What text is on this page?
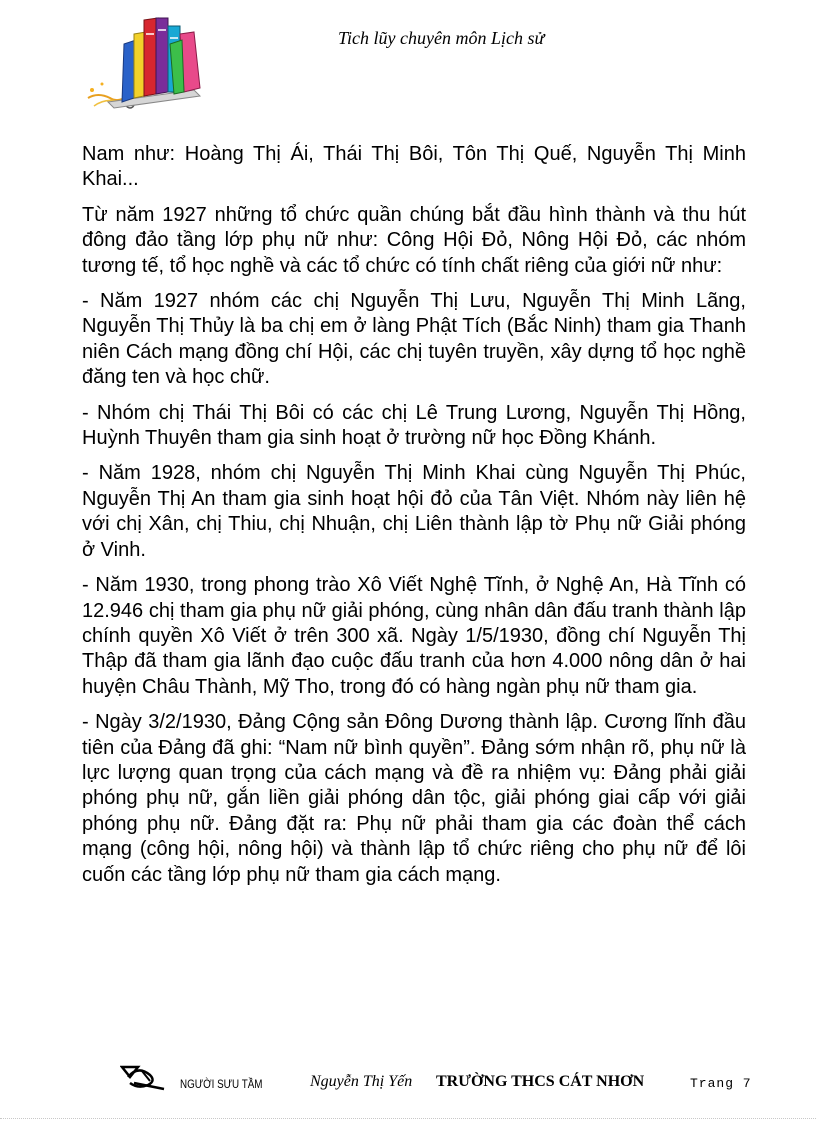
Tich lũy chuyên môn Lịch sử

Nam như: Hoàng Thị Ái, Thái Thị Bôi, Tôn Thị Quế, Nguyễn Thị Minh Khai...

Từ năm 1927 những tổ chức quần chúng bắt đầu hình thành và thu hút đông đảo tầng lớp phụ nữ như: Công Hội Đỏ, Nông Hội Đỏ, các nhóm tương tế, tổ học nghề và các tổ chức có tính chất riêng của giới nữ như:

- Năm 1927 nhóm các chị Nguyễn Thị Lưu, Nguyễn Thị Minh Lãng, Nguyễn Thị Thủy là ba chị em ở làng Phật Tích (Bắc Ninh) tham gia Thanh niên Cách mạng đồng chí Hội, các chị tuyên truyền, xây dựng tổ học nghề đăng ten và học chữ.

- Nhóm chị Thái Thị Bôi có các chị Lê Trung Lương, Nguyễn Thị Hồng, Huỳnh Thuyên tham gia sinh hoạt ở trường nữ học Đồng Khánh.

- Năm 1928, nhóm chị Nguyễn Thị Minh Khai cùng Nguyễn Thị Phúc, Nguyễn Thị An tham gia sinh hoạt hội đỏ của Tân Việt. Nhóm này liên hệ với chị Xân, chị Thiu, chị Nhuận, chị Liên thành lập tờ Phụ nữ Giải phóng ở Vinh.

- Năm 1930, trong phong trào Xô Viết Nghệ Tĩnh, ở Nghệ An, Hà Tĩnh có 12.946 chị tham gia phụ nữ giải phóng, cùng nhân dân đấu tranh thành lập chính quyền Xô Viết ở trên 300 xã. Ngày 1/5/1930, đồng chí Nguyễn Thị Thập đã tham gia lãnh đạo cuộc đấu tranh của hơn 4.000 nông dân ở hai huyện Châu Thành, Mỹ Tho, trong đó có hàng ngàn phụ nữ tham gia.

- Ngày 3/2/1930, Đảng Cộng sản Đông Dương thành lập. Cương lĩnh đầu tiên của Đảng đã ghi: “Nam nữ bình quyền”. Đảng sớm nhận rõ, phụ nữ là lực lượng quan trọng của cách mạng và đề ra nhiệm vụ: Đảng phải giải phóng phụ nữ, gắn liền giải phóng dân tộc, giải phóng giai cấp với giải phóng phụ nữ. Đảng đặt ra: Phụ nữ phải tham gia các đoàn thể cách mạng (công hội, nông hội) và thành lập tổ chức riêng cho phụ nữ để lôi cuốn các tầng lớp phụ nữ tham gia cách mạng.

NGƯỜI SƯU TẦM	Nguyễn Thị Yến TRƯỜNG THCS CÁT NHƠN	Trang 7
